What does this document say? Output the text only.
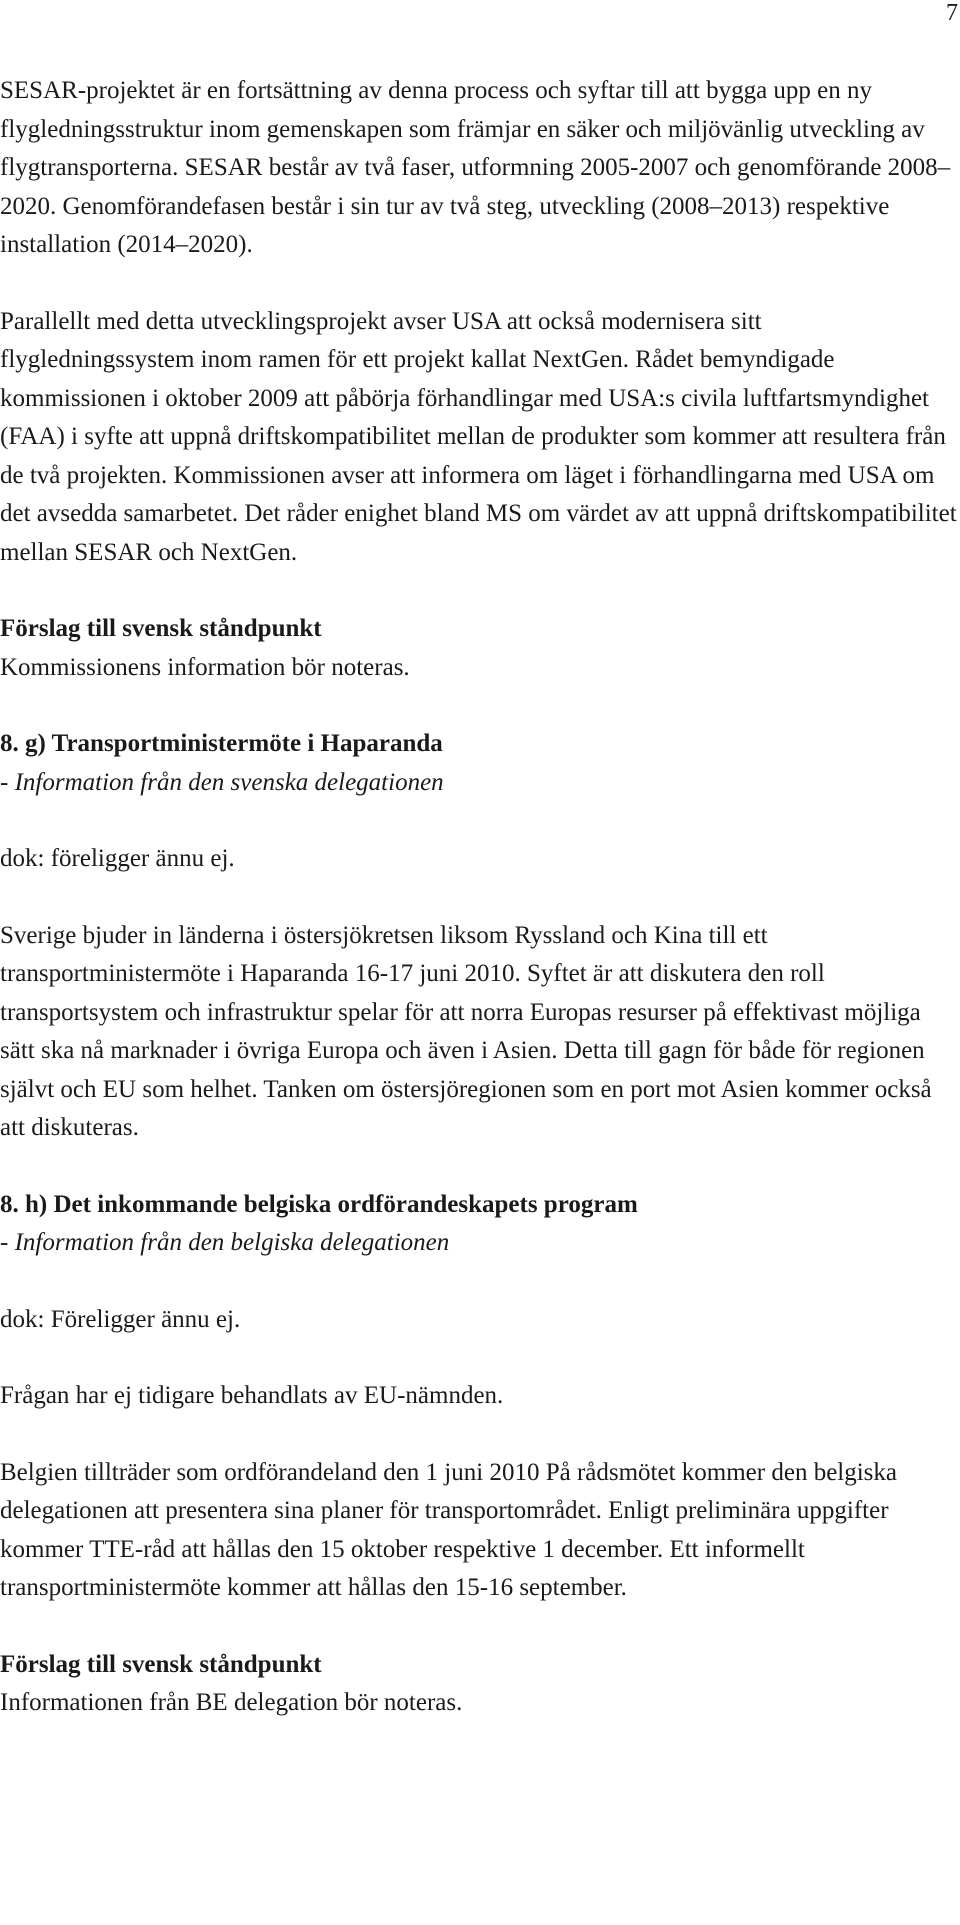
7

SESAR-projektet är en fortsättning av denna process och syftar till att bygga upp en ny flygledningsstruktur inom gemenskapen som främjar en säker och miljövänlig utveckling av flygtransporterna. SESAR består av två faser, utformning 2005-2007 och genomförande 2008–2020. Genomförandefasen består i sin tur av två steg, utveckling (2008–2013) respektive installation (2014–2020).

Parallellt med detta utvecklingsprojekt avser USA att också modernisera sitt flygledningssystem inom ramen för ett projekt kallat NextGen. Rådet bemyndigade kommissionen i oktober 2009 att påbörja förhandlingar med USA:s civila luftfartsmyndighet (FAA) i syfte att uppnå driftskompatibilitet mellan de produkter som kommer att resultera från de två projekten. Kommissionen avser att informera om läget i förhandlingarna med USA om det avsedda samarbetet. Det råder enighet bland MS om värdet av att uppnå driftskompatibilitet mellan SESAR och NextGen.

Förslag till svensk ståndpunkt

Kommissionens information bör noteras.

8. g) Transportministermöte i Haparanda

- Information från den svenska delegationen

dok: föreligger ännu ej.

Sverige bjuder in länderna i östersjökretsen liksom Ryssland och Kina till ett transportministermöte i Haparanda 16-17 juni 2010. Syftet är att diskutera den roll transportsystem och infrastruktur spelar för att norra Europas resurser på effektivast möjliga sätt ska nå marknader i övriga Europa och även i Asien. Detta till gagn för både för regionen självt och EU som helhet. Tanken om östersjöregionen som en port mot Asien kommer också att diskuteras.

8. h) Det inkommande belgiska ordförandeskapets program

- Information från den belgiska delegationen

dok: Föreligger ännu ej.

Frågan har ej tidigare behandlats av EU-nämnden.

Belgien tillträder som ordförandeland den 1 juni 2010 På rådsmötet kommer den belgiska delegationen att presentera sina planer för transportområdet. Enligt preliminära uppgifter kommer TTE-råd att hållas den 15 oktober respektive 1 december. Ett informellt transportministermöte kommer att hållas den 15-16 september.

Förslag till svensk ståndpunkt

Informationen från BE delegation bör noteras.
